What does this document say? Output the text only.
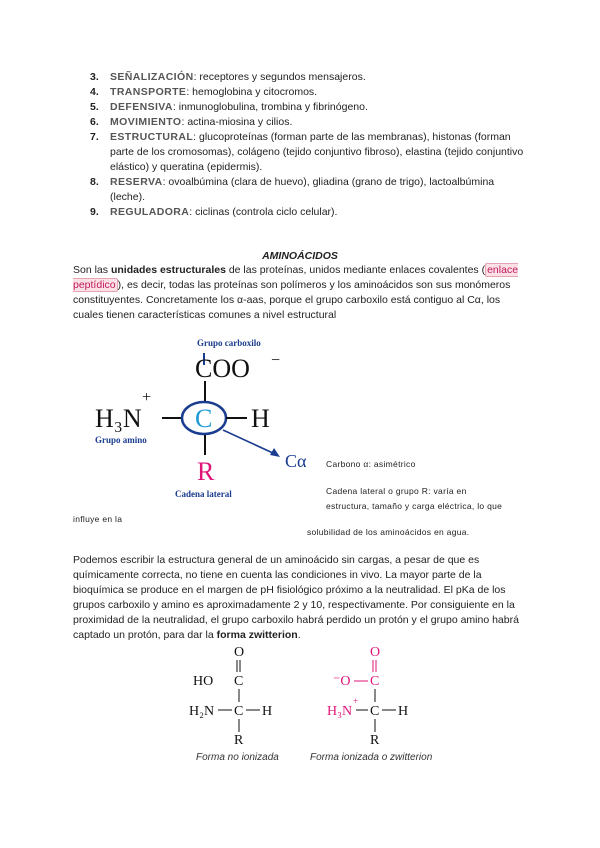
3.	SEÑALIZACIÓN: receptores y segundos mensajeros.
4.	TRANSPORTE: hemoglobina y citocromos.
5.	DEFENSIVA: inmunoglobulina, trombina y fibrinógeno.
6.	MOVIMIENTO: actina-miosina y cilios.
7.	ESTRUCTURAL: glucoproteínas (forman parte de las membranas), histonas (forman parte de los cromosomas), colágeno (tejido conjuntivo fibroso), elastina (tejido conjuntivo elástico) y queratina (epidermis).
8.	RESERVA: ovoalbúmina (clara de huevo), gliadina (grano de trigo), lactoalbúmina (leche).
9.	REGULADORA: ciclinas (controla ciclo celular).
AMINOÁCIDOS
Son las unidades estructurales de las proteínas, unidos mediante enlaces covalentes ( enlace peptídico ), es decir, todas las proteínas son polímeros y los aminoácidos son sus monómeros constituyentes. Concretamente los α-aas, porque el grupo carboxilo está contiguo al Cα, los cuales tienen características comunes a nivel estructural
Grupo carboxilo
COO −
+
H₃N C H
Grupo amino
Cα
R
Cadena lateral
Carbono α: asimétrico
Cadena lateral o grupo R: varía en
estructura, tamaño y carga eléctrica, lo que
influye en la
solubilidad de los aminoácidos en agua.
Podemos escribir la estructura general de un aminoácido sin cargas, a pesar de que es químicamente correcta, no tiene en cuenta las condiciones in vivo. La mayor parte de la bioquímica se produce en el margen de pH fisiológico próximo a la neutralidad. El pKa de los grupos carboxilo y amino es aproximadamente 2 y 10, respectivamente. Por consiguiente en la proximidad de la neutralidad, el grupo carboxilo habrá perdido un protón y el grupo amino habrá captado un protón, para dar la forma zwitterion.
O
HO C
H₂N C H
R
O
⁻O C
+
H₃N C H
R
Forma no ionizada	Forma ionizada o zwitterion
